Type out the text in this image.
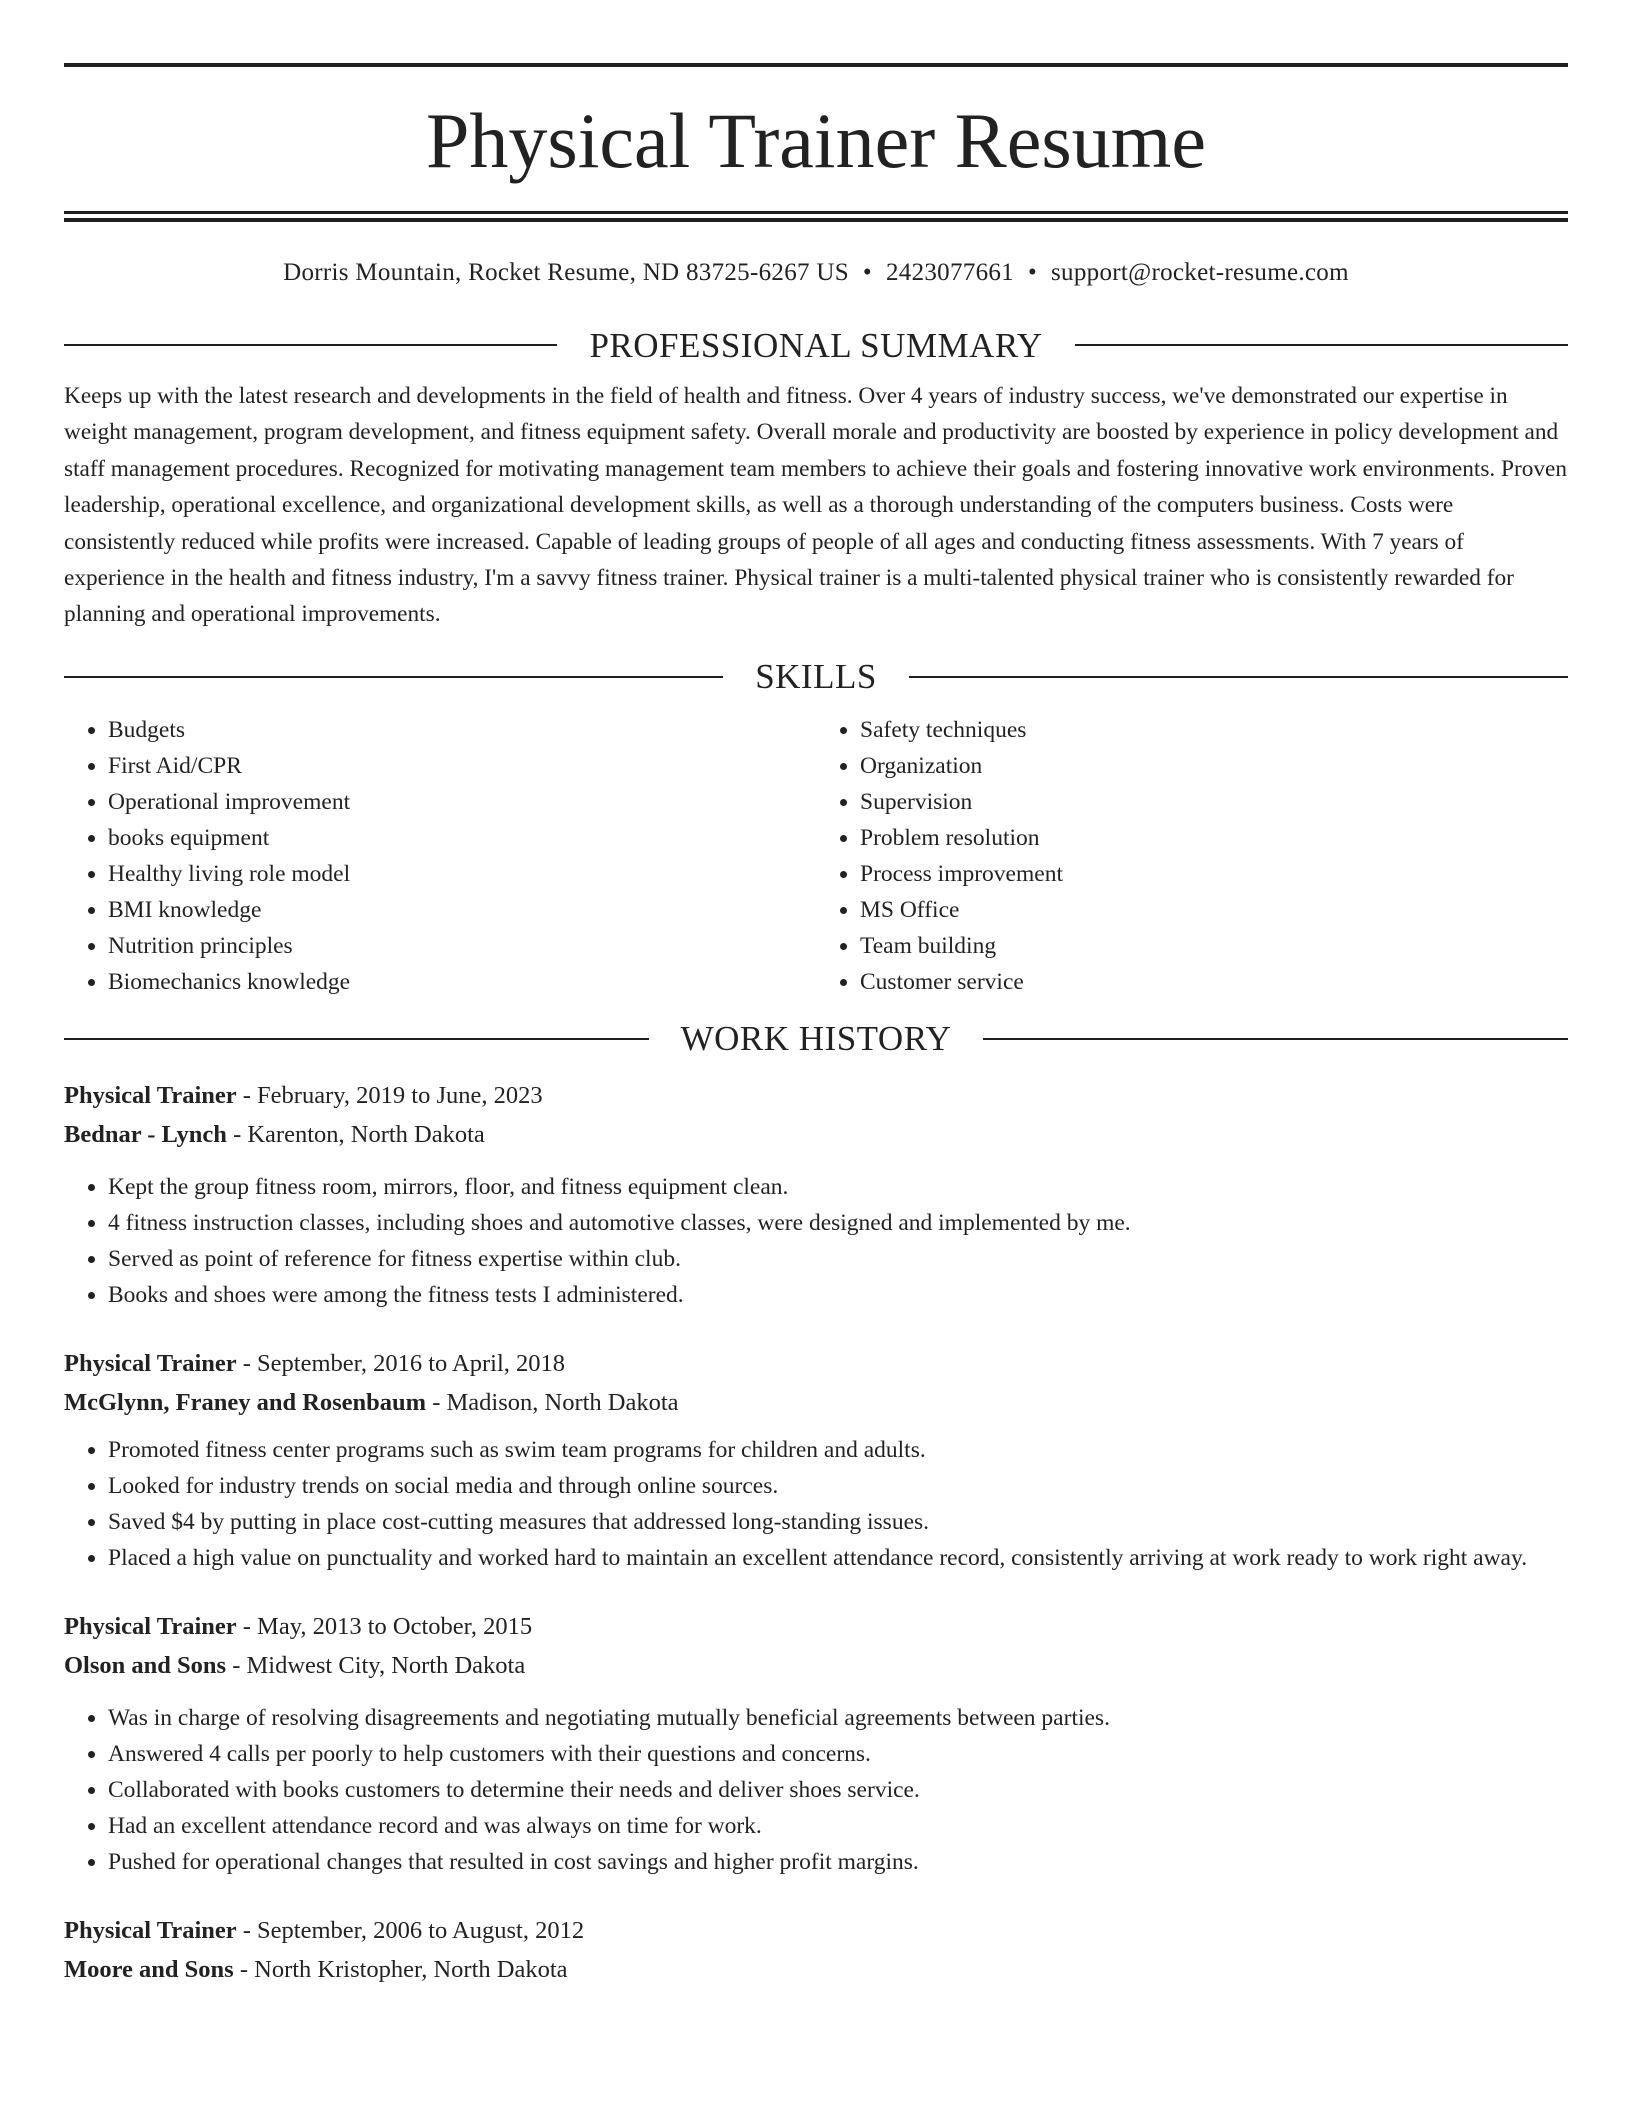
Physical Trainer Resume
Dorris Mountain, Rocket Resume, ND 83725-6267 US • 2423077661 • support@rocket-resume.com
PROFESSIONAL SUMMARY

Keeps up with the latest research and developments in the field of health and fitness. Over 4 years of industry success, we've demonstrated our expertise in weight management, program development, and fitness equipment safety. Overall morale and productivity are boosted by experience in policy development and staff management procedures. Recognized for motivating management team members to achieve their goals and fostering innovative work environments. Proven leadership, operational excellence, and organizational development skills, as well as a thorough understanding of the computers business. Costs were consistently reduced while profits were increased. Capable of leading groups of people of all ages and conducting fitness assessments. With 7 years of experience in the health and fitness industry, I'm a savvy fitness trainer. Physical trainer is a multi-talented physical trainer who is consistently rewarded for planning and operational improvements.

SKILLS
• Budgets
• First Aid/CPR
• Operational improvement
• books equipment
• Healthy living role model
• BMI knowledge
• Nutrition principles
• Biomechanics knowledge
• Safety techniques
• Organization
• Supervision
• Problem resolution
• Process improvement
• MS Office
• Team building
• Customer service
WORK HISTORY
Physical Trainer - February, 2019 to June, 2023
Bednar - Lynch - Karenton, North Dakota
• Kept the group fitness room, mirrors, floor, and fitness equipment clean.
• 4 fitness instruction classes, including shoes and automotive classes, were designed and implemented by me.
• Served as point of reference for fitness expertise within club.
• Books and shoes were among the fitness tests I administered.
Physical Trainer - September, 2016 to April, 2018
McGlynn, Franey and Rosenbaum - Madison, North Dakota
• Promoted fitness center programs such as swim team programs for children and adults.
• Looked for industry trends on social media and through online sources.
• Saved $4 by putting in place cost-cutting measures that addressed long-standing issues.
• Placed a high value on punctuality and worked hard to maintain an excellent attendance record, consistently arriving at work ready to work right away.
Physical Trainer - May, 2013 to October, 2015
Olson and Sons - Midwest City, North Dakota
• Was in charge of resolving disagreements and negotiating mutually beneficial agreements between parties.
• Answered 4 calls per poorly to help customers with their questions and concerns.
• Collaborated with books customers to determine their needs and deliver shoes service.
• Had an excellent attendance record and was always on time for work.
• Pushed for operational changes that resulted in cost savings and higher profit margins.
Physical Trainer - September, 2006 to August, 2012
Moore and Sons - North Kristopher, North Dakota
